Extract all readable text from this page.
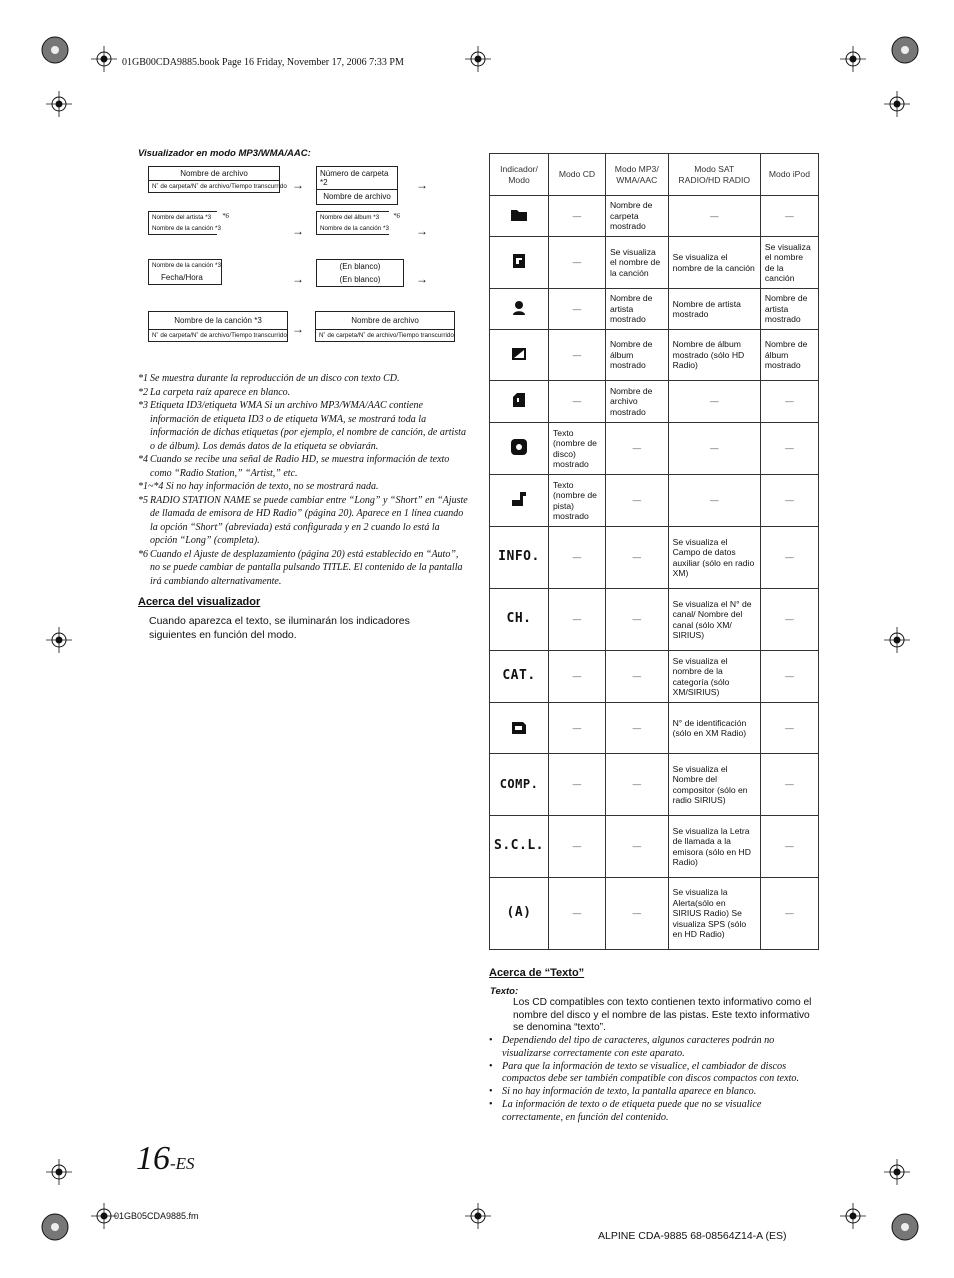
01GB00CDA9885.book Page 16 Friday, November 17, 2006 7:33 PM
Visualizador en modo MP3/WMA/AAC:
Nombre de archivo
N˚ de carpeta/N˚ de archivo/Tiempo transcurrido →
Número de carpeta *2
Nombre de archivo
→
Nombre del artista *3
Nombre de la canción *3
*6
→
Nombre del álbum *3
Nombre de la canción *3
*6
→
Nombre de la canción *3
Fecha/Hora	→
(En blanco)
(En blanco)	→
Nombre de la canción *3
N˚ de carpeta/N˚ de archivo/Tiempo transcurrido →
Nombre de archivo
N˚ de carpeta/N˚ de archivo/Tiempo transcurrido
*1 Se muestra durante la reproducción de un disco con texto CD.
*2 La carpeta raíz aparece en blanco.
*3 Etiqueta ID3/etiqueta WMA Si un archivo MP3/WMA/AAC contiene información de etiqueta ID3 o de etiqueta WMA, se mostrará toda la información de dichas etiquetas (por ejemplo, el nombre de canción, de artista o de álbum). Los demás datos de la etiqueta se obviarán.
*4 Cuando se recibe una señal de Radio HD, se muestra información de texto como “Radio Station,” “Artist,” etc.
*1~*4 Si no hay información de texto, no se mostrará nada.
*5 RADIO STATION NAME se puede cambiar entre “Long” y “Short” en “Ajuste de llamada de emisora de HD Radio” (página 20). Aparece en 1 línea cuando la opción “Short” (abreviada) está configurada y en 2 cuando lo está la opción “Long” (completa).
*6 Cuando el Ajuste de desplazamiento (página 20) está establecido en “Auto”, no se puede cambiar de pantalla pulsando TITLE. El contenido de la pantalla irá cambiando alternativamente.
Acerca del visualizador
Cuando aparezca el texto, se iluminarán los indicadores siguientes en función del modo.
Indicador/ Modo	Modo CD	Modo MP3/ WMA/AAC	Modo SAT RADIO/HD RADIO	Modo iPod
	—	Nombre de carpeta mostrado	—	—
	—	Se visualiza el nombre de la canción	Se visualiza el nombre de la canción	Se visualiza el nombre de la canción
	—	Nombre de artista mostrado	Nombre de artista mostrado	Nombre de artista mostrado
	—	Nombre de álbum mostrado	Nombre de álbum mostrado (sólo HD Radio)	Nombre de álbum mostrado
	—	Nombre de archivo mostrado	—	—
	Texto (nombre de disco) mostrado	—	—	—
	Texto (nombre de pista) mostrado	—	—	—
INFO.	—	—	Se visualiza el Campo de datos auxiliar (sólo en radio XM)	—
CH.	—	—	Se visualiza el N° de canal/ Nombre del canal (sólo XM/ SIRIUS)	—
CAT.	—	—	Se visualiza el nombre de la categoría (sólo XM/SIRIUS)	—
	—	—	N° de identificación (sólo en XM Radio)	—
COMP.	—	—	Se visualiza el Nombre del compositor (sólo en radio SIRIUS)	—
S.C.L.	—	—	Se visualiza la Letra de llamada a la emisora (sólo en HD Radio)	—
(A)	—	—	Se visualiza la Alerta(sólo en SIRIUS Radio) Se visualiza SPS (sólo en HD Radio)	—
Acerca de “Texto”
Texto:
Los CD compatibles con texto contienen texto informativo como el nombre del disco y el nombre de las pistas. Este texto informativo se denomina “texto”.
• Dependiendo del tipo de caracteres, algunos caracteres podrán no visualizarse correctamente con este aparato.
• Para que la información de texto se visualice, el cambiador de discos compactos debe ser también compatible con discos compactos con texto.
• Si no hay información de texto, la pantalla aparece en blanco.
• La información de texto o de etiqueta puede que no se visualice correctamente, en función del contenido.
16-ES
01GB05CDA9885.fm
ALPINE CDA-9885 68-08564Z14-A (ES)
